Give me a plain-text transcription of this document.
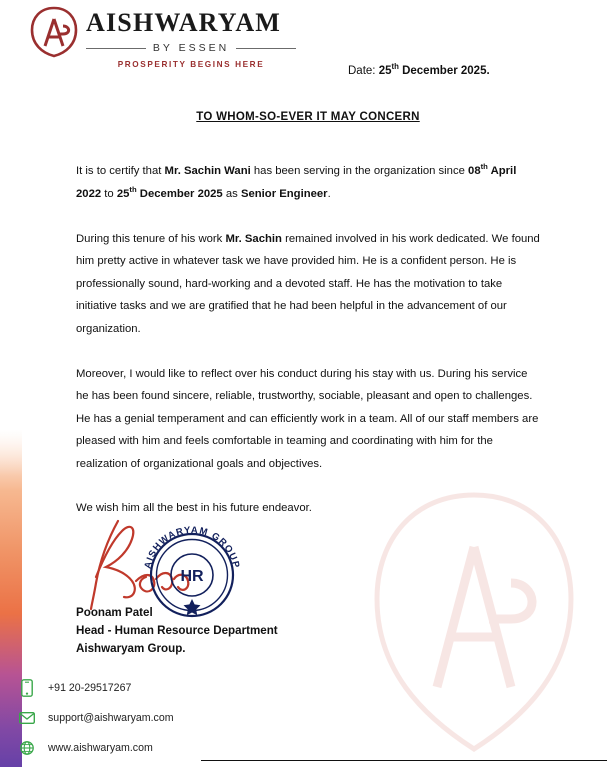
AISHWARYAM
BY ESSEN
PROSPERITY BEGINS HERE
Date: 25th December 2025.
TO WHOM-SO-EVER IT MAY CONCERN

It is to certify that Mr. Sachin Wani has been serving in the organization since 08th April 2022 to 25th December 2025 as Senior Engineer.

During this tenure of his work Mr. Sachin remained involved in his work dedicated. We found him pretty active in whatever task we have provided him. He is a confident person. He is professionally sound, hard-working and a devoted staff. He has the motivation to take initiative tasks and we are gratified that he had been helpful in the advancement of our organization.

Moreover, I would like to reflect over his conduct during his stay with us. During his service he has been found sincere, reliable, trustworthy, sociable, pleasant and open to challenges. He has a genial temperament and can efficiently work in a team. All of our staff members are pleased with him and feels comfortable in teaming and coordinating with him for the realization of organizational goals and objectives.

We wish him all the best in his future endeavor.

AISHWARYAM GROUP
HR
Poonam Patel
Head - Human Resource Department
Aishwaryam Group.
+91 20-29517267
support@aishwaryam.com
www.aishwaryam.com
